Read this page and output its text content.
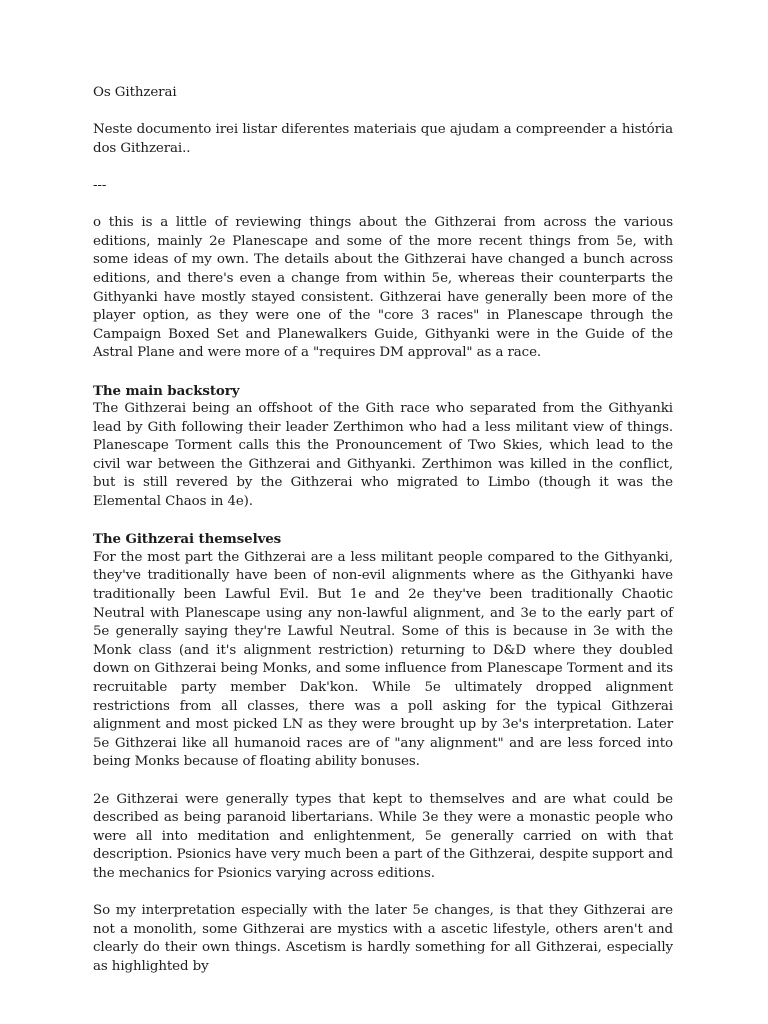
Os Githzerai

Neste documento irei listar diferentes materiais que ajudam a compreender a história dos Githzerai..

---

o this is a little of reviewing things about the Githzerai from across the various editions, mainly 2e Planescape and some of the more recent things from 5e, with some ideas of my own. The details about the Githzerai have changed a bunch across editions, and there's even a change from within 5e, whereas their counterparts the Githyanki have mostly stayed consistent. Githzerai have generally been more of the player option, as they were one of the "core 3 races" in Planescape through the Campaign Boxed Set and Planewalkers Guide, Githyanki were in the Guide of the Astral Plane and were more of a "requires DM approval" as a race.

The main backstory

The Githzerai being an offshoot of the Gith race who separated from the Githyanki lead by Gith following their leader Zerthimon who had a less militant view of things. Planescape Torment calls this the Pronouncement of Two Skies, which lead to the civil war between the Githzerai and Githyanki. Zerthimon was killed in the conflict, but is still revered by the Githzerai who migrated to Limbo (though it was the Elemental Chaos in 4e).

The Githzerai themselves

For the most part the Githzerai are a less militant people compared to the Githyanki, they've traditionally have been of non-evil alignments where as the Githyanki have traditionally been Lawful Evil. But 1e and 2e they've been traditionally Chaotic Neutral with Planescape using any non-lawful alignment, and 3e to the early part of 5e generally saying they're Lawful Neutral. Some of this is because in 3e with the Monk class (and it's alignment restriction) returning to D&D where they doubled down on Githzerai being Monks, and some influence from Planescape Torment and its recruitable party member Dak'kon. While 5e ultimately dropped alignment restrictions from all classes, there was a poll asking for the typical Githzerai alignment and most picked LN as they were brought up by 3e's interpretation. Later 5e Githzerai like all humanoid races are of "any alignment" and are less forced into being Monks because of floating ability bonuses.

2e Githzerai were generally types that kept to themselves and are what could be described as being paranoid libertarians. While 3e they were a monastic people who were all into meditation and enlightenment, 5e generally carried on with that description. Psionics have very much been a part of the Githzerai, despite support and the mechanics for Psionics varying across editions.

So my interpretation especially with the later 5e changes, is that they Githzerai are not a monolith, some Githzerai are mystics with a ascetic lifestyle, others aren't and clearly do their own things. Ascetism is hardly something for all Githzerai, especially as highlighted by
